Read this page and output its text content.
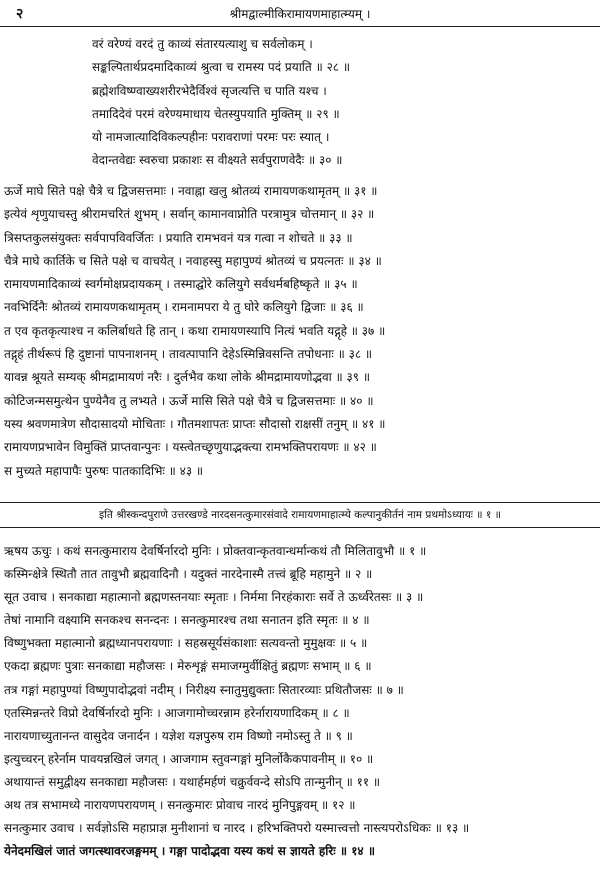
२	श्रीमद्वाल्मीकिरामायणमाहात्म्यम् ।
वरं वरेण्यं वरदं तु काव्यं संतारयत्याशु च सर्वलोकम् ।
सङ्कल्पितार्थप्रदमादिकाव्यं श्रुत्वा च रामस्य पदं प्रयाति ॥ २८ ॥
ब्रह्मेशविष्ण्वाख्यशरीरभेदैर्विश्वं सृजत्यत्ति च पाति यश्च ।
तमादिदेवं परमं वरेण्यमाधाय चेतस्युपयाति मुक्तिम् ॥ २९ ॥
यो नामजात्यादिविकल्पहीनः परावराणां परमः परः स्यात् ।
वेदान्तवेद्यः स्वरुचा प्रकाशः स वीक्ष्यते सर्वपुराणवेदैः ॥ ३० ॥
ऊर्जे माघे सिते पक्षे चैत्रे च द्विजसत्तमाः । नवाह्ना खलु श्रोतव्यं रामायणकथामृतम् ॥ ३१ ॥
इत्येवं शृणुयाचस्तु श्रीरामचरितं शुभम् । सर्वान् कामानवाप्नोति परत्रामुत्र चोत्तमान् ॥ ३२ ॥
त्रिसप्तकुलसंयुक्तः सर्वपापविवर्जितः । प्रयाति रामभवनं यत्र गत्वा न शोचते ॥ ३३ ॥
चैत्रे माघे कार्तिके च सिते पक्षे च वाचयेत् । नवाहस्सु महापुण्यं श्रोतव्यं च प्रयत्नतः ॥ ३४ ॥
रामायणमादिकाव्यं स्वर्गमोक्षप्रदायकम् । तस्माद्घोरे कलियुगे सर्वधर्मबहिष्कृते ॥ ३५ ॥
नवभिर्दिनैः श्रोतव्यं रामायणकथामृतम् । रामनामपरा ये तु घोरे कलियुगे द्विजाः ॥ ३६ ॥
त एव कृतकृत्याश्च न कलिर्बाधते हि तान् । कथा रामायणस्यापि नित्यं भवति यद्गृहे ॥ ३७ ॥
तद्गृहं तीर्थरूपं हि दुष्टानां पापनाशनम् । तावत्पापानि देहेऽस्मिन्निवसन्ति तपोधनाः ॥ ३८ ॥
यावन्न श्रूयते सम्यक् श्रीमद्रामायणं नरैः । दुर्लभैव कथा लोके श्रीमद्रामायणोद्भवा ॥ ३९ ॥
कोटिजन्मसमुत्थेन पुण्येनैव तु लभ्यते । ऊर्जे मासि सिते पक्षे चैत्रे च द्विजसत्तमाः ॥ ४० ॥
यस्य श्रवणमात्रेण सौदासादयो मोचिताः । गौतमशापतः प्राप्तः सौदासो राक्षसीं तनुम् ॥ ४१ ॥
रामायणप्रभावेन विमुक्तिं प्राप्तवान्पुनः । यस्त्वेतच्छृणुयाद्भक्त्या रामभक्तिपरायणः ॥ ४२ ॥
स मुच्यते महापापैः पुरुषः पातकादिभिः ॥ ४३ ॥
इति श्रीस्कन्दपुराणे उत्तरखण्डे नारदसनत्कुमारसंवादे रामायणमाहात्म्ये कल्पानुकीर्तनं नाम प्रथमोऽध्यायः ॥ १ ॥
ऋषय ऊचुः । कथं सनत्कुमाराय देवर्षिर्नारदो मुनिः । प्रोक्तवान्कृतवान्धर्मान्कथं तौ मिलितावुभौ ॥ १ ॥
कस्मिन्क्षेत्रे स्थितौ तात तावुभौ ब्रह्मवादिनौ । यदुक्तं नारदेनास्मै तत्त्वं ब्रूहि महामुने ॥ २ ॥
सूत उवाच । सनकाद्या महात्मानो ब्रह्मणस्तनयाः स्मृताः । निर्ममा निरहंकाराः सर्वे ते ऊर्ध्वरेतसः ॥ ३ ॥
तेषां नामानि वक्ष्यामि सनकश्च सनन्दनः । सनत्कुमारश्च तथा सनातन इति स्मृतः ॥ ४ ॥
विष्णुभक्ता महात्मानो ब्रह्मध्यानपरायणाः । सहस्रसूर्यसंकाशाः सत्यवन्तो मुमुक्षवः ॥ ५ ॥
एकदा ब्रह्मणः पुत्राः सनकाद्या महौजसः । मेरुशृङ्गं समाजग्मुर्वीक्षितुं ब्रह्मणः सभाम् ॥ ६ ॥
तत्र गङ्गां महापुण्यां विष्णुपादोद्भवां नदीम् । निरीक्ष्य स्नातुमुद्युक्ताः सितारव्याः प्रथितौजसः ॥ ७ ॥
एतस्मिन्नन्तरे विप्रो देवर्षिर्नारदो मुनिः । आजगामोच्चरन्नाम हरेर्नारायणादिकम् ॥ ८ ॥
नारायणाच्युतानन्त वासुदेव जनार्दन । यज्ञेश यज्ञपुरुष राम विष्णो नमोऽस्तु ते ॥ ९ ॥
इत्युच्चरन् हरेर्नाम पावयन्नखिलं जगत् । आजगाम स्तुवन्गङ्गां मुनिर्लोकैकपावनीम् ॥ १० ॥
अथायान्तं समुद्वीक्ष्य सनकाद्या महौजसः । यथार्हमर्हणं चक्रुर्ववन्दे सोऽपि तान्मुनीन् ॥ ११ ॥
अथ तत्र सभामध्ये नारायणपरायणम् । सनत्कुमारः प्रोवाच नारदं मुनिपुङ्गवम् ॥ १२ ॥
सनत्कुमार उवाच । सर्वज्ञोऽसि महाप्राज्ञ मुनीशानां च नारद । हरिभक्तिपरो यस्मात्त्वत्तो नास्त्यपरोऽधिकः ॥ १३ ॥
येनेदमखिलं जातं जगत्स्थावरजङ्गमम् । गङ्गा पादोद्भवा यस्य कथं स ज्ञायते हरिः ॥ १४ ॥
